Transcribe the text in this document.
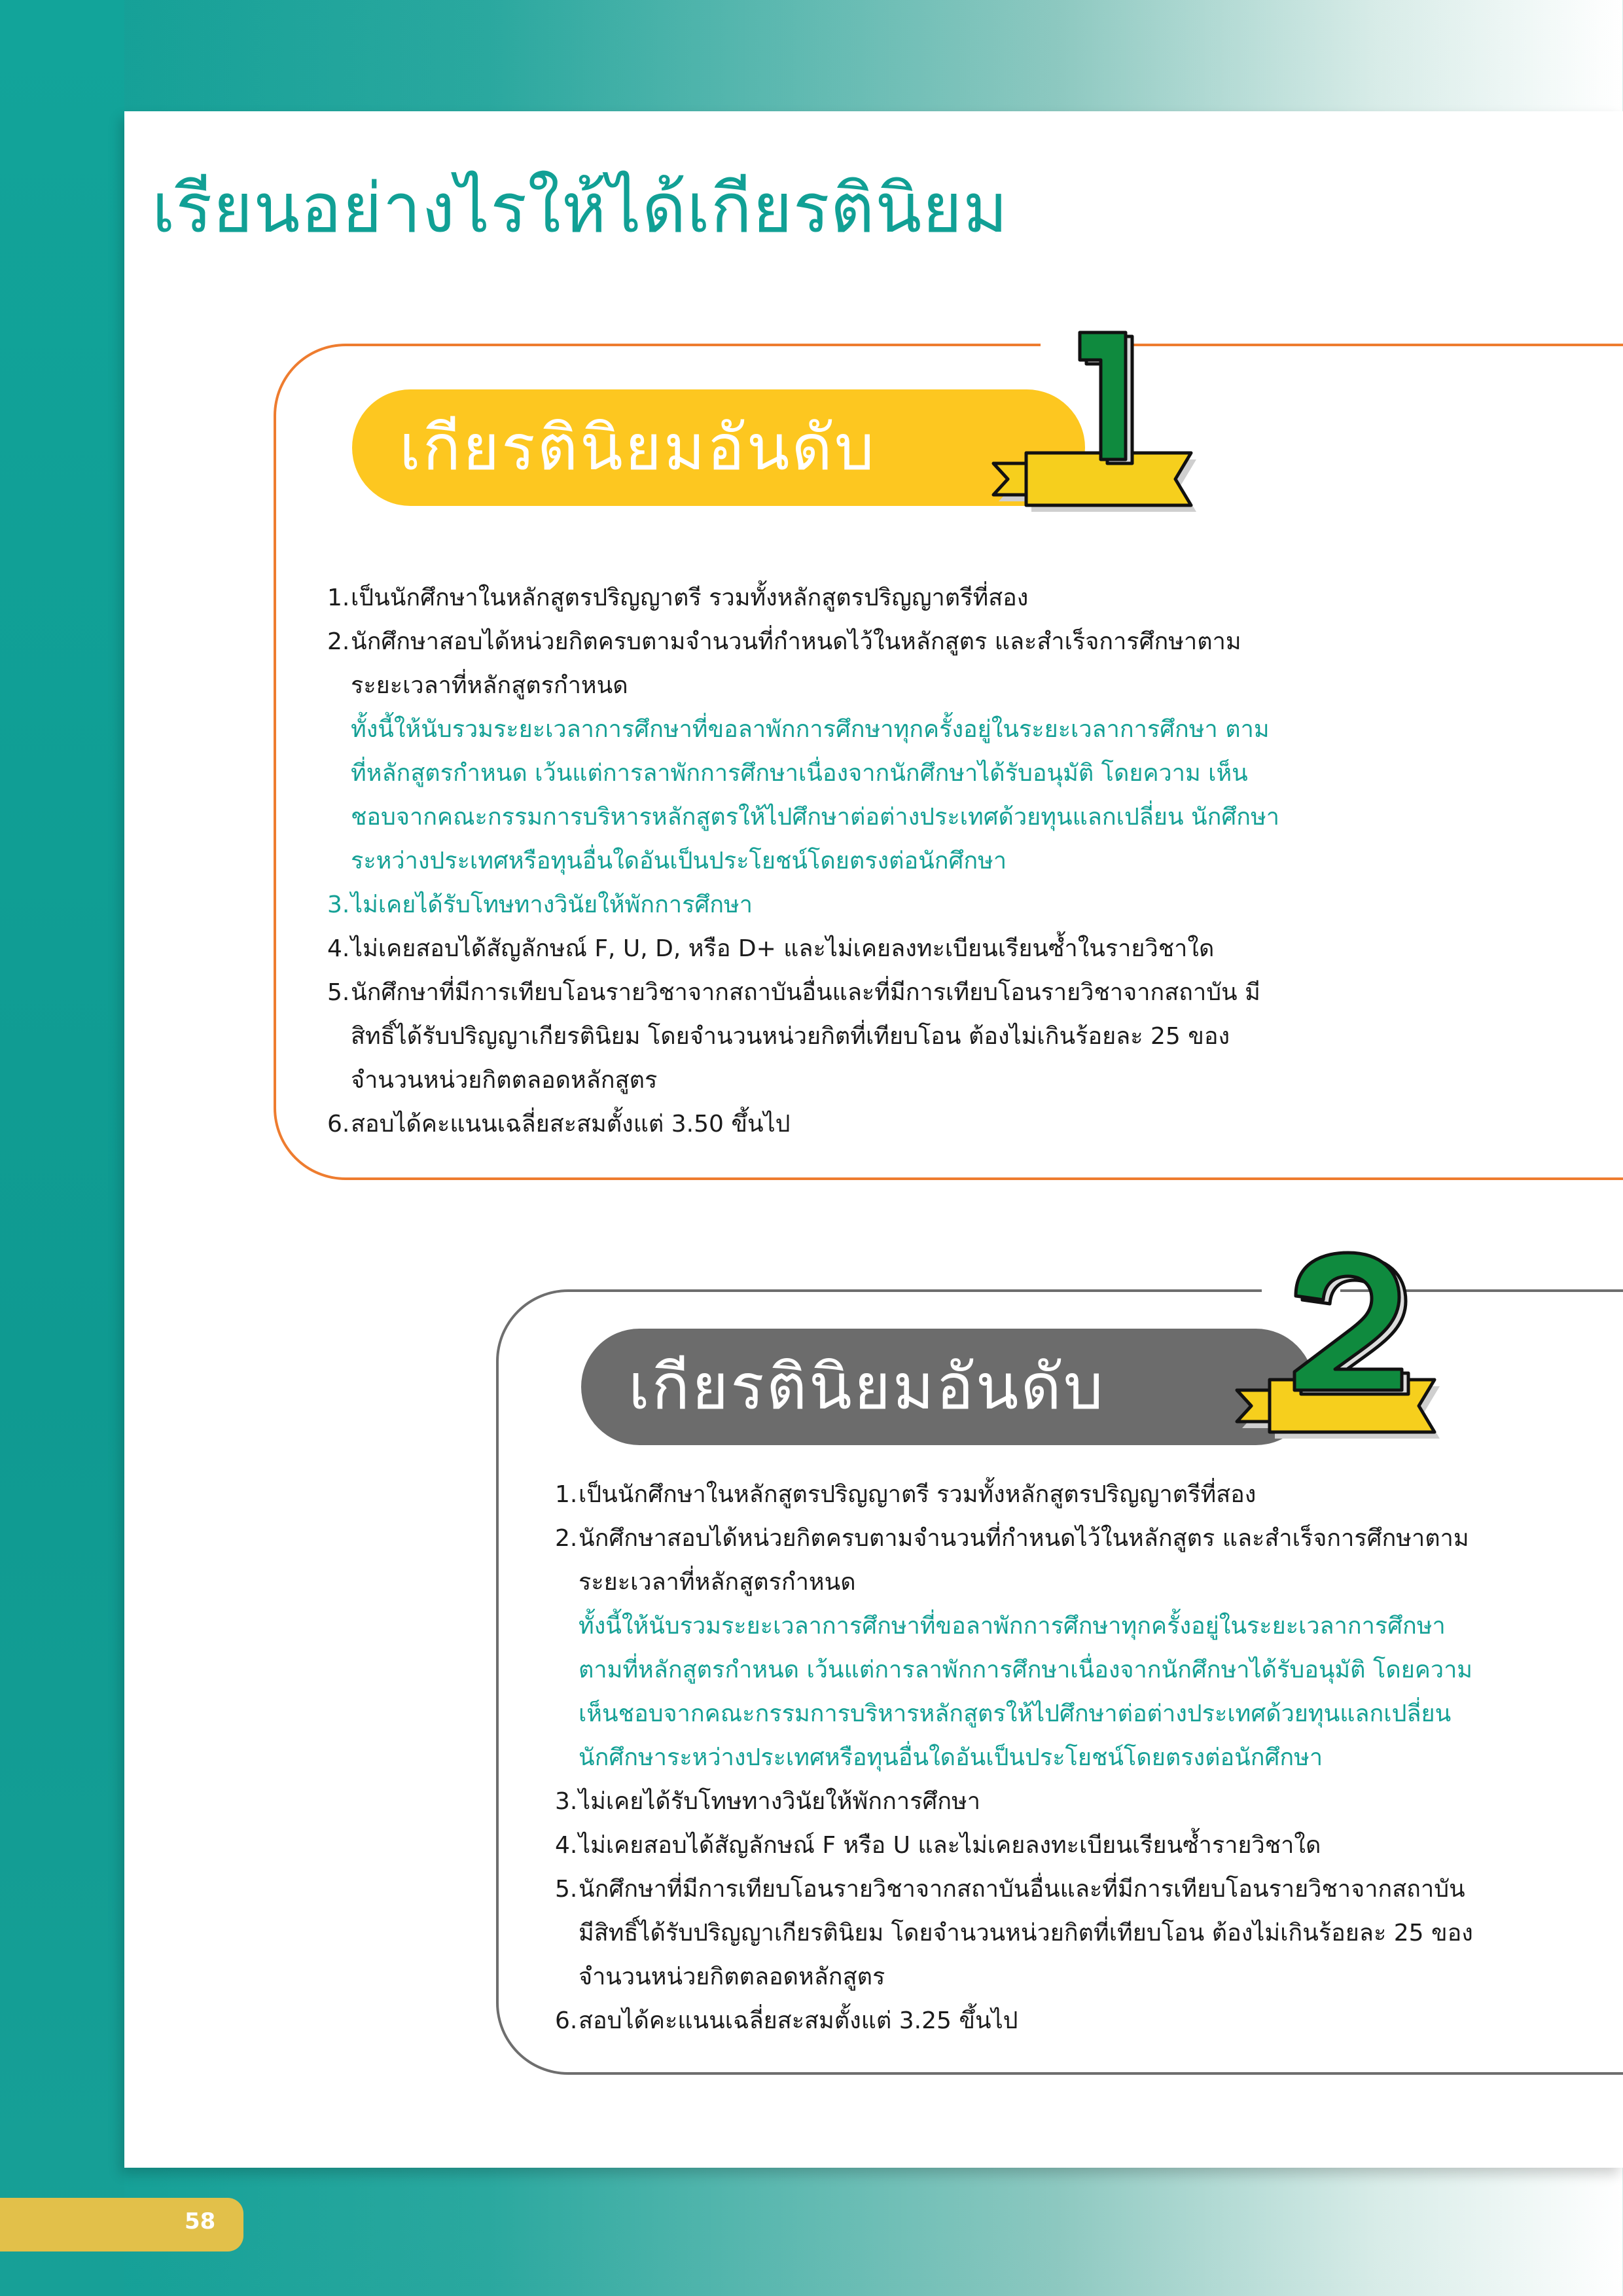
เรียนอย่างไรให้ได้เกียรตินิยม
เกียรตินิยมอันดับ
1
1. เป็นนักศึกษาในหลักสูตรปริญญาตรี รวมทั้งหลักสูตรปริญญาตรีที่สอง
2. นักศึกษาสอบได้หน่วยกิตครบตามจำนวนที่กำหนดไว้ในหลักสูตร และสำเร็จการศึกษาตาม ระยะเวลาที่หลักสูตรกำหนด
ทั้งนี้ให้นับรวมระยะเวลาการศึกษาที่ขอลาพักการศึกษาทุกครั้งอยู่ในระยะเวลาการศึกษา ตามที่หลักสูตรกำหนด เว้นแต่การลาพักการศึกษาเนื่องจากนักศึกษาได้รับอนุมัติ โดยความ เห็นชอบจากคณะกรรมการบริหารหลักสูตรให้ไปศึกษาต่อต่างประเทศด้วยทุนแลกเปลี่ยน นักศึกษาระหว่างประเทศหรือทุนอื่นใดอันเป็นประโยชน์โดยตรงต่อนักศึกษา
3. ไม่เคยได้รับโทษทางวินัยให้พักการศึกษา
4. ไม่เคยสอบได้สัญลักษณ์ F, U, D, หรือ D+ และไม่เคยลงทะเบียนเรียนซ้ำในรายวิชาใด
5. นักศึกษาที่มีการเทียบโอนรายวิชาจากสถาบันอื่นและที่มีการเทียบโอนรายวิชาจากสถาบัน มีสิทธิ์ได้รับปริญญาเกียรตินิยม โดยจำนวนหน่วยกิตที่เทียบโอน ต้องไม่เกินร้อยละ 25 ของจำนวนหน่วยกิตตลอดหลักสูตร
6. สอบได้คะแนนเฉลี่ยสะสมตั้งแต่ 3.50 ขึ้นไป
เกียรตินิยมอันดับ
2
1. เป็นนักศึกษาในหลักสูตรปริญญาตรี รวมทั้งหลักสูตรปริญญาตรีที่สอง
2. นักศึกษาสอบได้หน่วยกิตครบตามจำนวนที่กำหนดไว้ในหลักสูตร และสำเร็จการศึกษาตาม ระยะเวลาที่หลักสูตรกำหนด
ทั้งนี้ให้นับรวมระยะเวลาการศึกษาที่ขอลาพักการศึกษาทุกครั้งอยู่ในระยะเวลาการศึกษา ตามที่หลักสูตรกำหนด เว้นแต่การลาพักการศึกษาเนื่องจากนักศึกษาได้รับอนุมัติ โดยความ เห็นชอบจากคณะกรรมการบริหารหลักสูตรให้ไปศึกษาต่อต่างประเทศด้วยทุนแลกเปลี่ยน นักศึกษาระหว่างประเทศหรือทุนอื่นใดอันเป็นประโยชน์โดยตรงต่อนักศึกษา
3. ไม่เคยได้รับโทษทางวินัยให้พักการศึกษา
4. ไม่เคยสอบได้สัญลักษณ์ F หรือ U และไม่เคยลงทะเบียนเรียนซ้ำรายวิชาใด
5. นักศึกษาที่มีการเทียบโอนรายวิชาจากสถาบันอื่นและที่มีการเทียบโอนรายวิชาจากสถาบัน มีสิทธิ์ได้รับปริญญาเกียรตินิยม โดยจำนวนหน่วยกิตที่เทียบโอน ต้องไม่เกินร้อยละ 25 ของ จำนวนหน่วยกิตตลอดหลักสูตร
6. สอบได้คะแนนเฉลี่ยสะสมตั้งแต่ 3.25 ขึ้นไป
58
